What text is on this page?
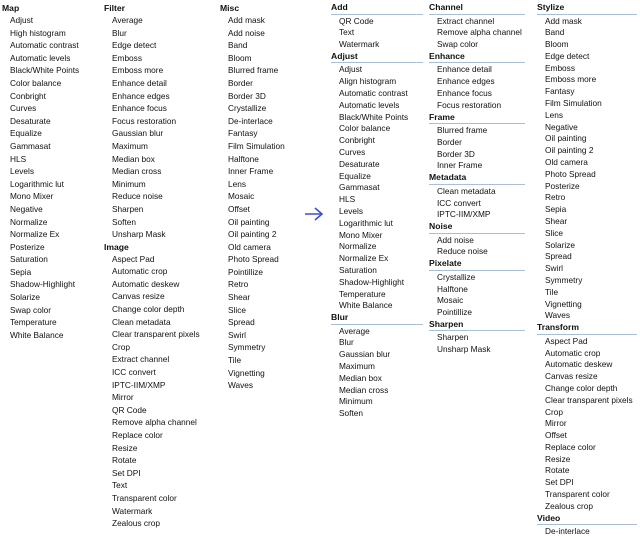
Map
Adjust
High histogram
Automatic contrast
Automatic levels
Black/White Points
Color balance
Conbright
Curves
Desaturate
Equalize
Gammasat
HLS
Levels
Logarithmic lut
Mono Mixer
Negative
Normalize
Normalize Ex
Posterize
Saturation
Sepia
Shadow-Highlight
Solarize
Swap color
Temperature
White Balance
Filter
Average
Blur
Edge detect
Emboss
Emboss more
Enhance detail
Enhance edges
Enhance focus
Focus restoration
Gaussian blur
Maximum
Median box
Median cross
Minimum
Reduce noise
Sharpen
Soften
Unsharp Mask
Image
Aspect Pad
Automatic crop
Automatic deskew
Canvas resize
Change color depth
Clean metadata
Clear transparent pixels
Crop
Extract channel
ICC convert
IPTC-IIM/XMP
Mirror
QR Code
Remove alpha channel
Replace color
Resize
Rotate
Set DPI
Text
Transparent color
Watermark
Zealous crop
Misc
Add mask
Add noise
Band
Bloom
Blurred frame
Border
Border 3D
Crystallize
De-interlace
Fantasy
Film Simulation
Halftone
Inner Frame
Lens
Mosaic
Offset
Oil painting
Oil painting 2
Old camera
Photo Spread
Pointillize
Retro
Shear
Slice
Spread
Swirl
Symmetry
Tile
Vignetting
Waves
Add
QR Code
Text
Watermark
Adjust
Adjust
Align histogram
Automatic contrast
Automatic levels
Black/White Points
Color balance
Conbright
Curves
Desaturate
Equalize
Gammasat
HLS
Levels
Logarithmic lut
Mono Mixer
Normalize
Normalize Ex
Saturation
Shadow-Highlight
Temperature
White Balance
Blur
Average
Blur
Gaussian blur
Maximum
Median box
Median cross
Minimum
Soften
Channel
Extract channel
Remove alpha channel
Swap color
Enhance
Enhance detail
Enhance edges
Enhance focus
Focus restoration
Frame
Blurred frame
Border
Border 3D
Inner Frame
Metadata
Clean metadata
ICC convert
IPTC-IIM/XMP
Noise
Add noise
Reduce noise
Pixelate
Crystallize
Halftone
Mosaic
Pointillize
Sharpen
Sharpen
Unsharp Mask
Stylize
Add mask
Band
Bloom
Edge detect
Emboss
Emboss more
Fantasy
Film Simulation
Lens
Negative
Oil painting
Oil painting 2
Old camera
Photo Spread
Posterize
Retro
Sepia
Shear
Slice
Solarize
Spread
Swirl
Symmetry
Tile
Vignetting
Waves
Transform
Aspect Pad
Automatic crop
Automatic deskew
Canvas resize
Change color depth
Clear transparent pixels
Crop
Mirror
Offset
Replace color
Resize
Rotate
Set DPI
Transparent color
Zealous crop
Video
De-interlace
